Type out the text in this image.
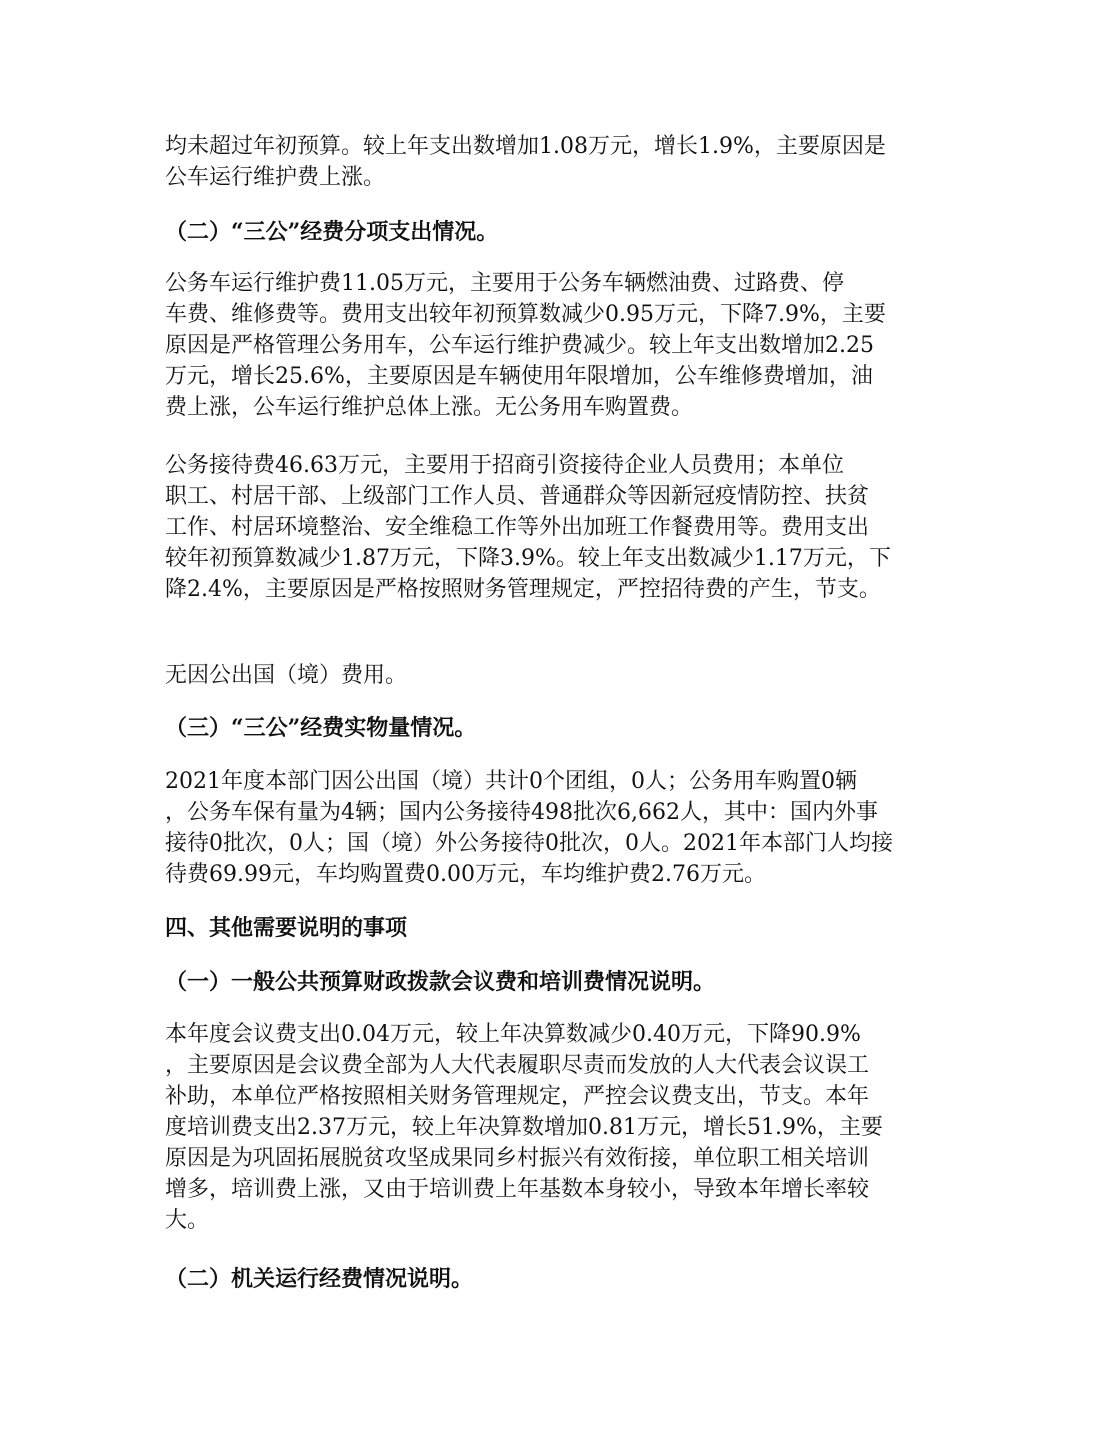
均未超过年初预算。较上年支出数增加1.08万元，增长1.9%，主要原因是
公车运行维护费上涨。

（二）“三公”经费分项支出情况。

公务车运行维护费11.05万元，主要用于公务车辆燃油费、过路费、停
车费、维修费等。费用支出较年初预算数减少0.95万元，下降7.9%，主要
原因是严格管理公务用车，公车运行维护费减少。较上年支出数增加2.25
万元，增长25.6%，主要原因是车辆使用年限增加，公车维修费增加，油
费上涨，公车运行维护总体上涨。无公务用车购置费。

公务接待费46.63万元，主要用于招商引资接待企业人员费用；本单位
职工、村居干部、上级部门工作人员、普通群众等因新冠疫情防控、扶贫
工作、村居环境整治、安全维稳工作等外出加班工作餐费用等。费用支出
较年初预算数减少1.87万元，下降3.9%。较上年支出数减少1.17万元，下
降2.4%，主要原因是严格按照财务管理规定，严控招待费的产生，节支。

无因公出国（境）费用。

（三）“三公”经费实物量情况。

2021年度本部门因公出国（境）共计0个团组，0人；公务用车购置0辆
，公务车保有量为4辆；国内公务接待498批次6,662人，其中：国内外事
接待0批次，0人；国（境）外公务接待0批次，0人。2021年本部门人均接
待费69.99元，车均购置费0.00万元，车均维护费2.76万元。

四、其他需要说明的事项

（一）一般公共预算财政拨款会议费和培训费情况说明。

本年度会议费支出0.04万元，较上年决算数减少0.40万元，下降90.9%
，主要原因是会议费全部为人大代表履职尽责而发放的人大代表会议误工
补助，本单位严格按照相关财务管理规定，严控会议费支出，节支。本年
度培训费支出2.37万元，较上年决算数增加0.81万元，增长51.9%，主要
原因是为巩固拓展脱贫攻坚成果同乡村振兴有效衔接，单位职工相关培训
增多，培训费上涨，又由于培训费上年基数本身较小，导致本年增长率较
大。

（二）机关运行经费情况说明。
